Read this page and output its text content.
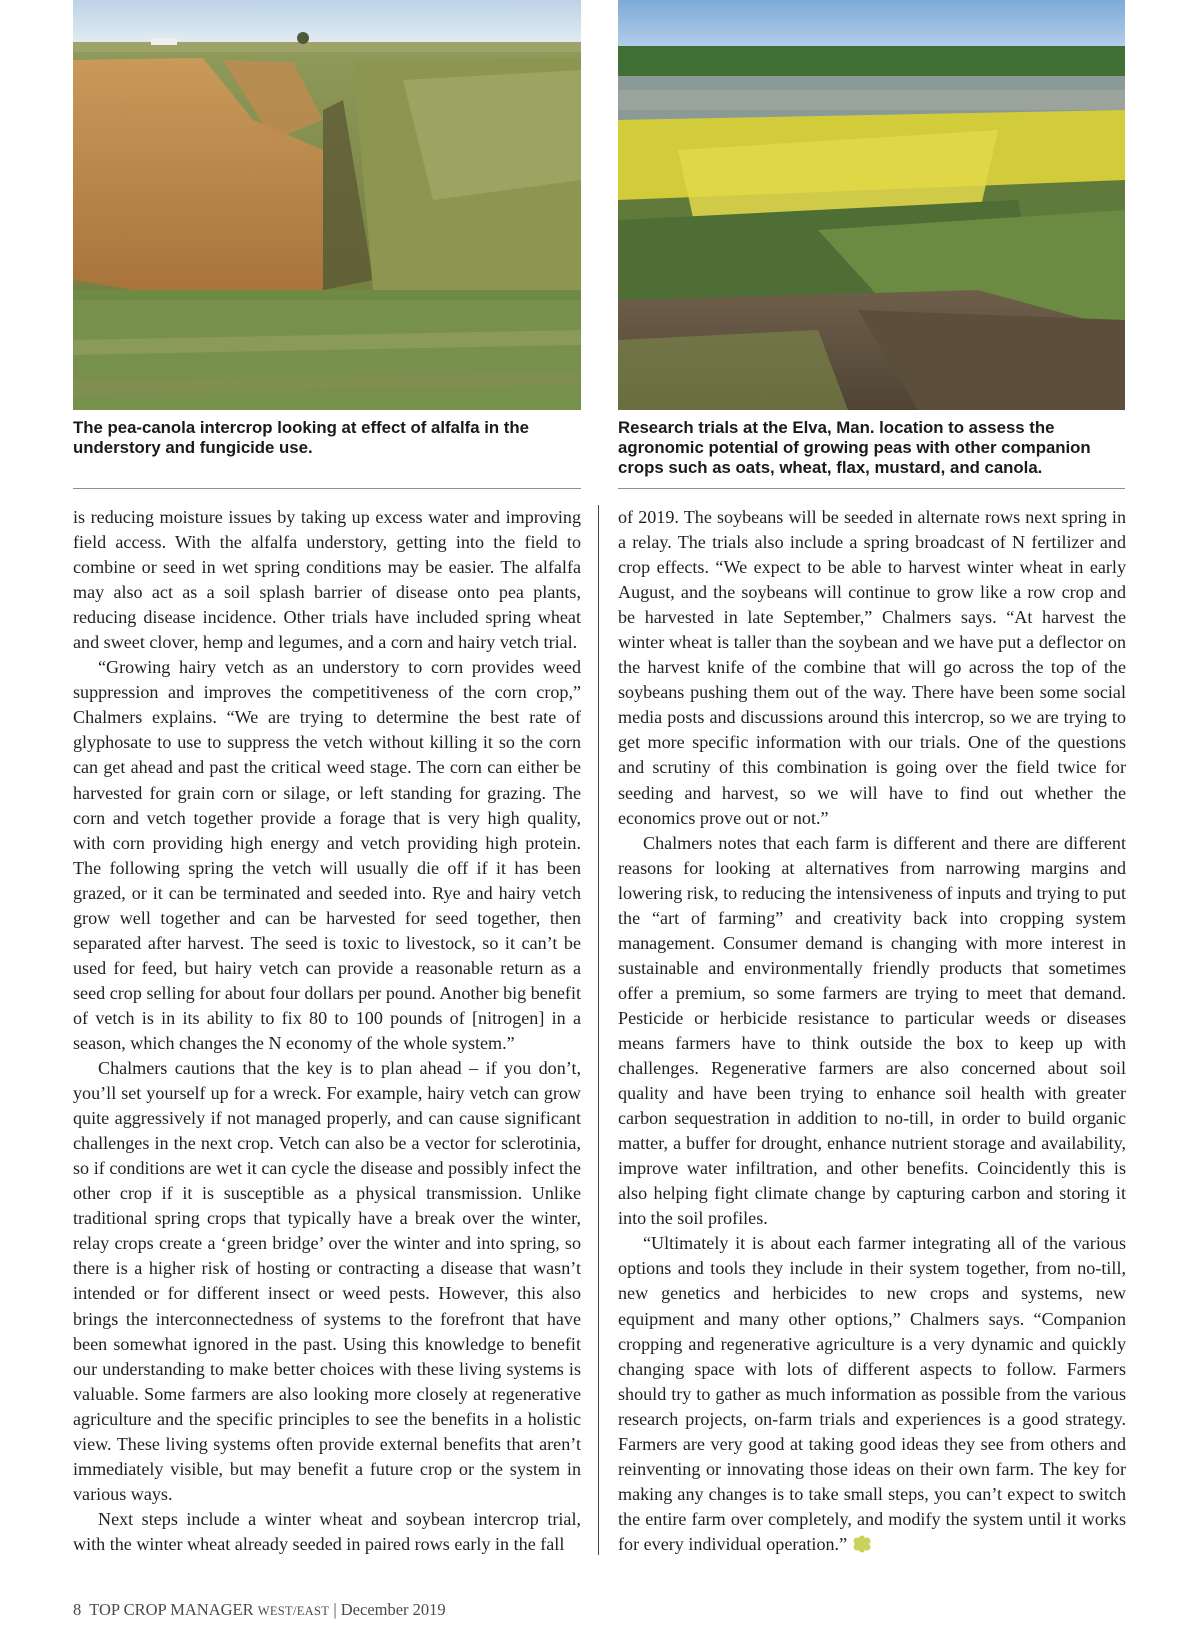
The pea-canola intercrop looking at effect of alfalfa in the understory and fungicide use.

Research trials at the Elva, Man. location to assess the agronomic potential of growing peas with other companion crops such as oats, wheat, flax, mustard, and canola.

is reducing moisture issues by taking up excess water and improving field access. With the alfalfa understory, getting into the field to combine or seed in wet spring conditions may be easier. The alfalfa may also act as a soil splash barrier of disease onto pea plants, reducing disease incidence. Other trials have included spring wheat and sweet clover, hemp and legumes, and a corn and hairy vetch trial.

“Growing hairy vetch as an understory to corn provides weed suppression and improves the competitiveness of the corn crop,” Chalmers explains. “We are trying to determine the best rate of glyphosate to use to suppress the vetch without killing it so the corn can get ahead and past the critical weed stage. The corn can either be harvested for grain corn or silage, or left standing for grazing. The corn and vetch together provide a forage that is very high quality, with corn providing high energy and vetch providing high protein. The following spring the vetch will usually die off if it has been grazed, or it can be terminated and seeded into. Rye and hairy vetch grow well together and can be harvested for seed together, then separated after harvest. The seed is toxic to livestock, so it can’t be used for feed, but hairy vetch can provide a reasonable return as a seed crop selling for about four dollars per pound. Another big benefit of vetch is in its ability to fix 80 to 100 pounds of [nitrogen] in a season, which changes the N economy of the whole system.”

Chalmers cautions that the key is to plan ahead – if you don’t, you’ll set yourself up for a wreck. For example, hairy vetch can grow quite aggressively if not managed properly, and can cause significant challenges in the next crop. Vetch can also be a vector for sclerotinia, so if conditions are wet it can cycle the disease and possibly infect the other crop if it is susceptible as a physical transmission. Unlike traditional spring crops that typically have a break over the winter, relay crops create a ‘green bridge’ over the winter and into spring, so there is a higher risk of hosting or contracting a disease that wasn’t intended or for different insect or weed pests. However, this also brings the interconnectedness of systems to the forefront that have been somewhat ignored in the past. Using this knowledge to benefit our understanding to make better choices with these living systems is valuable. Some farmers are also looking more closely at regenerative agriculture and the specific principles to see the benefits in a holistic view. These living systems often provide external benefits that aren’t immediately visible, but may benefit a future crop or the system in various ways.

Next steps include a winter wheat and soybean intercrop trial, with the winter wheat already seeded in paired rows early in the fall

of 2019. The soybeans will be seeded in alternate rows next spring in a relay. The trials also include a spring broadcast of N fertilizer and crop effects. “We expect to be able to harvest winter wheat in early August, and the soybeans will continue to grow like a row crop and be harvested in late September,” Chalmers says. “At harvest the winter wheat is taller than the soybean and we have put a deflector on the harvest knife of the combine that will go across the top of the soybeans pushing them out of the way. There have been some social media posts and discussions around this intercrop, so we are trying to get more specific information with our trials. One of the questions and scrutiny of this combination is going over the field twice for seeding and harvest, so we will have to find out whether the economics prove out or not.”

Chalmers notes that each farm is different and there are different reasons for looking at alternatives from narrowing margins and lowering risk, to reducing the intensiveness of inputs and trying to put the “art of farming” and creativity back into cropping system management. Consumer demand is changing with more interest in sustainable and environmentally friendly products that sometimes offer a premium, so some farmers are trying to meet that demand. Pesticide or herbicide resistance to particular weeds or diseases means farmers have to think outside the box to keep up with challenges. Regenerative farmers are also concerned about soil quality and have been trying to enhance soil health with greater carbon sequestration in addition to no-till, in order to build organic matter, a buffer for drought, enhance nutrient storage and availability, improve water infiltration, and other benefits. Coincidently this is also helping fight climate change by capturing carbon and storing it into the soil profiles.

“Ultimately it is about each farmer integrating all of the various options and tools they include in their system together, from no-till, new genetics and herbicides to new crops and systems, new equipment and many other options,” Chalmers says. “Companion cropping and regenerative agriculture is a very dynamic and quickly changing space with lots of different aspects to follow. Farmers should try to gather as much information as possible from the various research projects, on-farm trials and experiences is a good strategy. Farmers are very good at taking good ideas they see from others and reinventing or innovating those ideas on their own farm. The key for making any changes is to take small steps, you can’t expect to switch the entire farm over completely, and modify the system until it works for every individual operation.”

8 TOP CROP MANAGER WEST/EAST | December 2019
